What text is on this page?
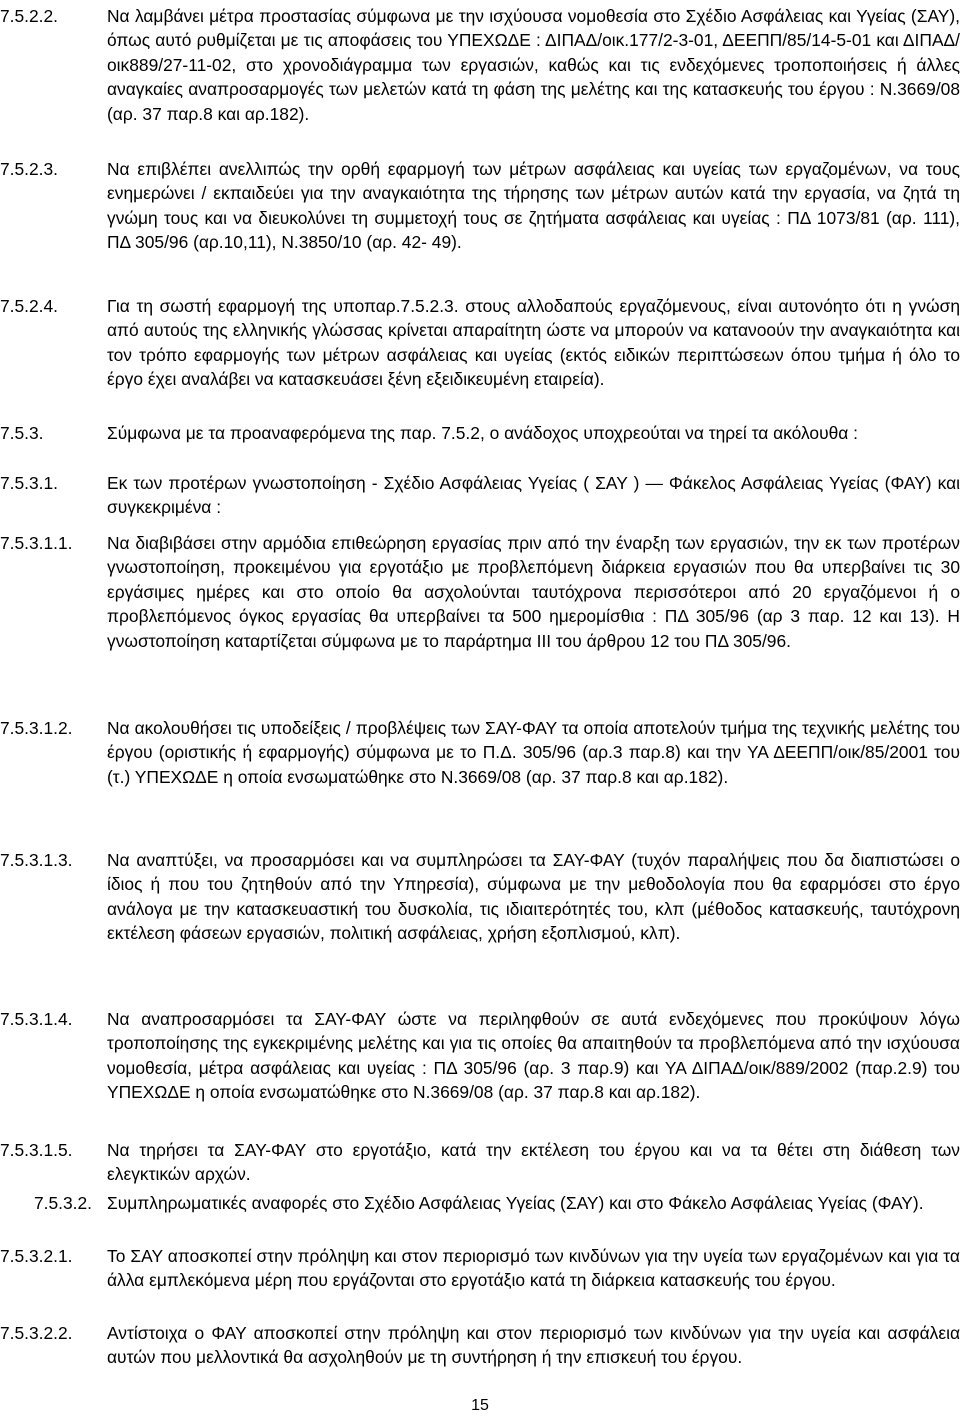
7.5.2.2.	Να λαμβάνει μέτρα προστασίας σύμφωνα με την ισχύουσα νομοθεσία στο Σχέδιο Ασφάλειας και Υγείας (ΣΑΥ), όπως αυτό ρυθμίζεται με τις αποφάσεις του ΥΠΕΧΩΔΕ : ΔΙΠΑΔ/οικ.177/2-3-01, ΔΕΕΠΠ/85/14-5-01 και ΔΙΠΑΔ/οικ889/27-11-02, στο χρονοδιάγραμμα των εργασιών, καθώς και τις ενδεχόμενες τροποποιήσεις ή άλλες αναγκαίες αναπροσαρμογές των μελετών κατά τη φάση της μελέτης και της κατασκευής του έργου : Ν.3669/08 (αρ. 37 παρ.8 και αρ.182).

7.5.2.3.	Να επιβλέπει ανελλιπώς την ορθή εφαρμογή των μέτρων ασφάλειας και υγείας των εργαζομένων, να τους ενημερώνει / εκπαιδεύει για την αναγκαιότητα της τήρησης των μέτρων αυτών κατά την εργασία, να ζητά τη γνώμη τους και να διευκολύνει τη συμμετοχή τους σε ζητήματα ασφάλειας και υγείας : ΠΔ 1073/81 (αρ. 111), ΠΔ 305/96 (αρ.10,11), Ν.3850/10 (αρ. 42- 49).

7.5.2.4.	Για τη σωστή εφαρμογή της υποπαρ.7.5.2.3. στους αλλοδαπούς εργαζόμενους, είναι αυτονόητο ότι η γνώση από αυτούς της ελληνικής γλώσσας κρίνεται απαραίτητη ώστε να μπορούν να κατανοούν την αναγκαιότητα και τον τρόπο εφαρμογής των μέτρων ασφάλειας και υγείας (εκτός ειδικών περιπτώσεων όπου τμήμα ή όλο το έργο έχει αναλάβει να κατασκευάσει ξένη εξειδικευμένη εταιρεία).

7.5.3.	Σύμφωνα με τα προαναφερόμενα της παρ. 7.5.2, ο ανάδοχος υποχρεούται να τηρεί τα ακόλουθα :

7.5.3.1.	Εκ των προτέρων γνωστοποίηση - Σχέδιο Ασφάλειας Υγείας ( ΣΑΥ ) ― Φάκελος Ασφάλειας Υγείας (ΦΑΥ) και συγκεκριμένα :

7.5.3.1.1.	Να διαβιβάσει στην αρμόδια επιθεώρηση εργασίας πριν από την έναρξη των εργασιών, την εκ των προτέρων γνωστοποίηση, προκειμένου για εργοτάξιο με προβλεπόμενη διάρκεια εργασιών που θα υπερβαίνει τις 30 εργάσιμες ημέρες και στο οποίο θα ασχολούνται ταυτόχρονα περισσότεροι από 20 εργαζόμενοι ή ο προβλεπόμενος όγκος εργασίας θα υπερβαίνει τα 500 ημερομίσθια : ΠΔ 305/96 (αρ 3 παρ. 12 και 13). Η γνωστοποίηση καταρτίζεται σύμφωνα με το παράρτημα ΙΙΙ του άρθρου 12 του ΠΔ 305/96.

7.5.3.1.2.	Να ακολουθήσει τις υποδείξεις / προβλέψεις των ΣΑΥ-ΦΑΥ τα οποία αποτελούν τμήμα της τεχνικής μελέτης του έργου (οριστικής ή εφαρμογής) σύμφωνα με το Π.Δ. 305/96 (αρ.3 παρ.8) και την ΥΑ ΔΕΕΠΠ/οικ/85/2001 του (τ.) ΥΠΕΧΩΔΕ η οποία ενσωματώθηκε στο Ν.3669/08 (αρ. 37 παρ.8 και αρ.182).

7.5.3.1.3.	Να αναπτύξει, να προσαρμόσει και να συμπληρώσει τα ΣΑΥ-ΦΑΥ (τυχόν παραλήψεις που δα διαπιστώσει ο ίδιος ή που του ζητηθούν από την Υπηρεσία), σύμφωνα με την μεθοδολογία που θα εφαρμόσει στο έργο ανάλογα με την κατασκευαστική του δυσκολία, τις ιδιαιτερότητές του, κλπ (μέθοδος κατασκευής, ταυτόχρονη εκτέλεση φάσεων εργασιών, πολιτική ασφάλειας, χρήση εξοπλισμού, κλπ).

7.5.3.1.4.	Να αναπροσαρμόσει τα ΣΑΥ-ΦΑΥ ώστε να περιληφθούν σε αυτά ενδεχόμενες που προκύψουν λόγω τροποποίησης της εγκεκριμένης μελέτης και για τις οποίες θα απαιτηθούν τα προβλεπόμενα από την ισχύουσα νομοθεσία, μέτρα ασφάλειας και υγείας : ΠΔ 305/96 (αρ. 3 παρ.9) και ΥΑ ΔΙΠΑΔ/οικ/889/2002 (παρ.2.9) του ΥΠΕΧΩΔΕ η οποία ενσωματώθηκε στο Ν.3669/08 (αρ. 37 παρ.8 και αρ.182).

7.5.3.1.5.	Να τηρήσει τα ΣΑΥ-ΦΑΥ στο εργοτάξιο, κατά την εκτέλεση του έργου και να τα θέτει στη διάθεση των ελεγκτικών αρχών.

7.5.3.2. Συμπληρωματικές αναφορές στο Σχέδιο Ασφάλειας Υγείας (ΣΑΥ) και στο Φάκελο Ασφάλειας Υγείας (ΦΑΥ).

7.5.3.2.1.	Το ΣΑΥ αποσκοπεί στην πρόληψη και στον περιορισμό των κινδύνων για την υγεία των εργαζομένων και για τα άλλα εμπλεκόμενα μέρη που εργάζονται στο εργοτάξιο κατά τη διάρκεια κατασκευής του έργου.

7.5.3.2.2.	Αντίστοιχα ο ΦΑΥ αποσκοπεί στην πρόληψη και στον περιορισμό των κινδύνων για την υγεία και ασφάλεια αυτών που μελλοντικά θα ασχοληθούν με τη συντήρηση ή την επισκευή του έργου.

15
